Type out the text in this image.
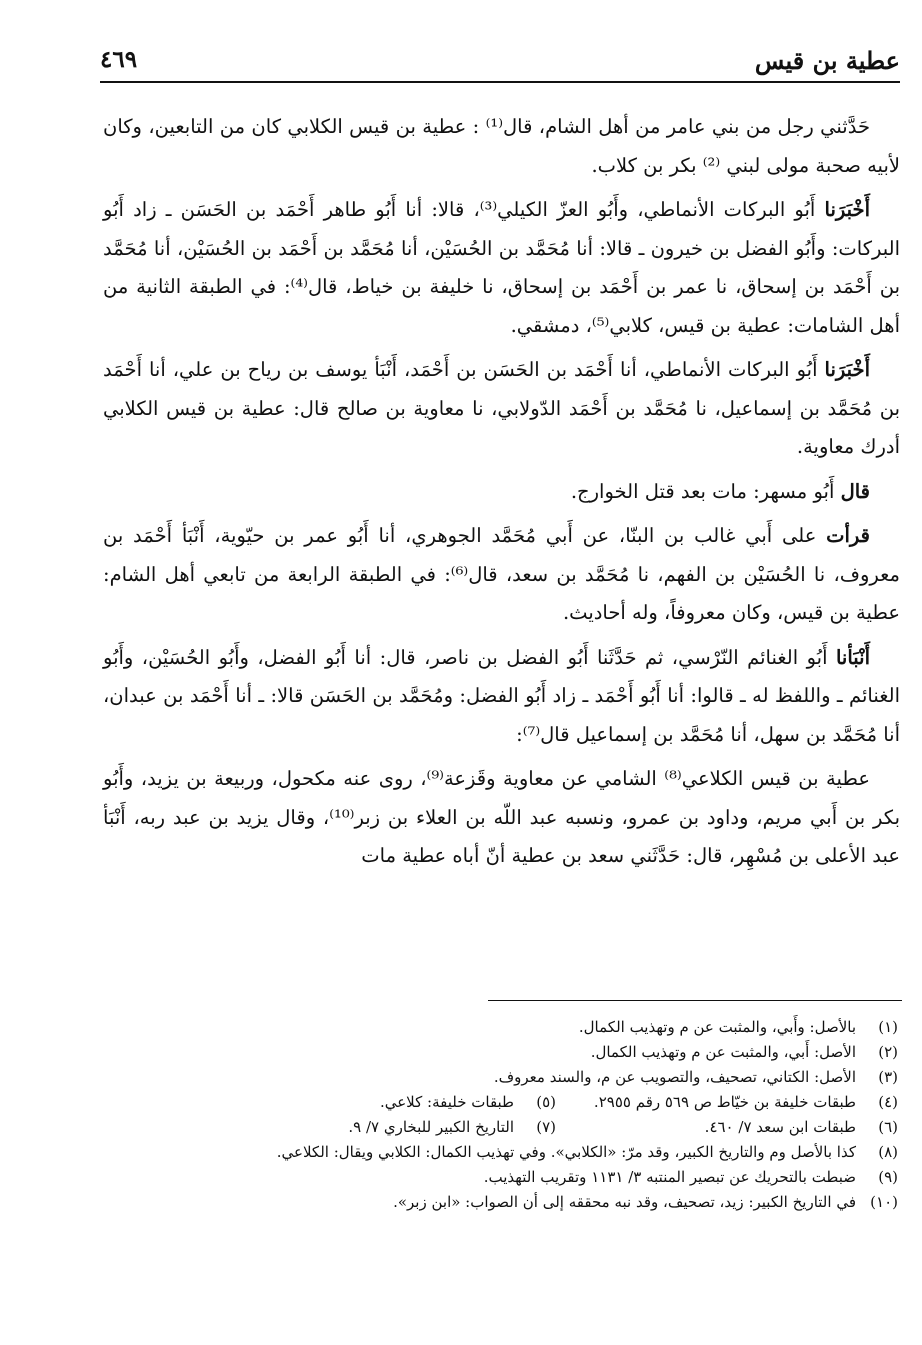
عطية بن قيس
٤٦٩

حَدَّثني رجل من بني عامر من أهل الشام، قال⁽¹⁾ : عطية بن قيس الكلابي كان من التابعين، وكان لأبيه صحبة مولى لبني ⁽²⁾ بكر بن كلاب.

أَخْبَرَنا أَبُو البركات الأنماطي، وأَبُو العزّ الكيلي⁽³⁾، قالا: أنا أَبُو طاهر أَحْمَد بن الحَسَن ـ زاد أَبُو البركات: وأَبُو الفضل بن خيرون ـ قالا: أنا مُحَمَّد بن الحُسَيْن، أنا مُحَمَّد بن أَحْمَد بن الحُسَيْن، أنا مُحَمَّد بن أَحْمَد بن إسحاق، نا عمر بن أَحْمَد بن إسحاق، نا خليفة بن خياط، قال⁽⁴⁾: في الطبقة الثانية من أهل الشامات: عطية بن قيس، كلابي⁽⁵⁾، دمشقي.

أَخْبَرَنا أَبُو البركات الأنماطي، أنا أَحْمَد بن الحَسَن بن أَحْمَد، أَنْبَأ يوسف بن رياح بن علي، أنا أَحْمَد بن مُحَمَّد بن إسماعيل، نا مُحَمَّد بن أَحْمَد الدّولابي، نا معاوية بن صالح قال: عطية بن قيس الكلابي أدرك معاوية.

قال أَبُو مسهر: مات بعد قتل الخوارج.

قرأت على أَبي غالب بن البنّا، عن أَبي مُحَمَّد الجوهري، أنا أَبُو عمر بن حيّوية، أَنْبَأ أَحْمَد بن معروف، نا الحُسَيْن بن الفهم، نا مُحَمَّد بن سعد، قال⁽⁶⁾: في الطبقة الرابعة من تابعي أهل الشام: عطية بن قيس، وكان معروفاً، وله أحاديث.

أَنْبَأنا أَبُو الغنائم النّرْسي، ثم حَدَّثَنا أَبُو الفضل بن ناصر، قال: أنا أَبُو الفضل، وأَبُو الحُسَيْن، وأَبُو الغنائم ـ واللفظ له ـ قالوا: أنا أَبُو أَحْمَد ـ زاد أَبُو الفضل: ومُحَمَّد بن الحَسَن قالا: ـ أنا أَحْمَد بن عبدان، أنا مُحَمَّد بن سهل، أنا مُحَمَّد بن إسماعيل قال⁽⁷⁾:

عطية بن قيس الكلاعي⁽⁸⁾ الشامي عن معاوية وقَزعة⁽⁹⁾، روى عنه مكحول، وربيعة بن يزيد، وأَبُو بكر بن أَبي مريم، وداود بن عمرو، ونسبه عبد اللّه بن العلاء بن زبر⁽¹⁰⁾، وقال يزيد بن عبد ربه، أَنْبَأ عبد الأعلى بن مُسْهِر، قال: حَدَّثَني سعد بن عطية أنّ أباه عطية مات

(١)بالأصل: وأَبي، والمثبت عن م وتهذيب الكمال.
(٢)الأصل: أَبي، والمثبت عن م وتهذيب الكمال.
(٣)الأصل: الكتاني، تصحيف، والتصويب عن م، والسند معروف.
(٤)طبقات خليفة بن خيّاط ص ٥٦٩ رقم ٢٩٥٥.(٥)طبقات خليفة: كلاعي.
(٦)طبقات ابن سعد ٧/ ٤٦٠.(٧)التاريخ الكبير للبخاري ٧/ ٩.
(٨)كذا بالأصل وم والتاريخ الكبير، وقد مرّ: «الكلابي». وفي تهذيب الكمال: الكلابي ويقال: الكلاعي.
(٩)ضبطت بالتحريك عن تبصير المنتبه ٣/ ١١٣١ وتقريب التهذيب.
(١٠)في التاريخ الكبير: زيد، تصحيف، وقد نبه محققه إلى أن الصواب: «ابن زبر».
